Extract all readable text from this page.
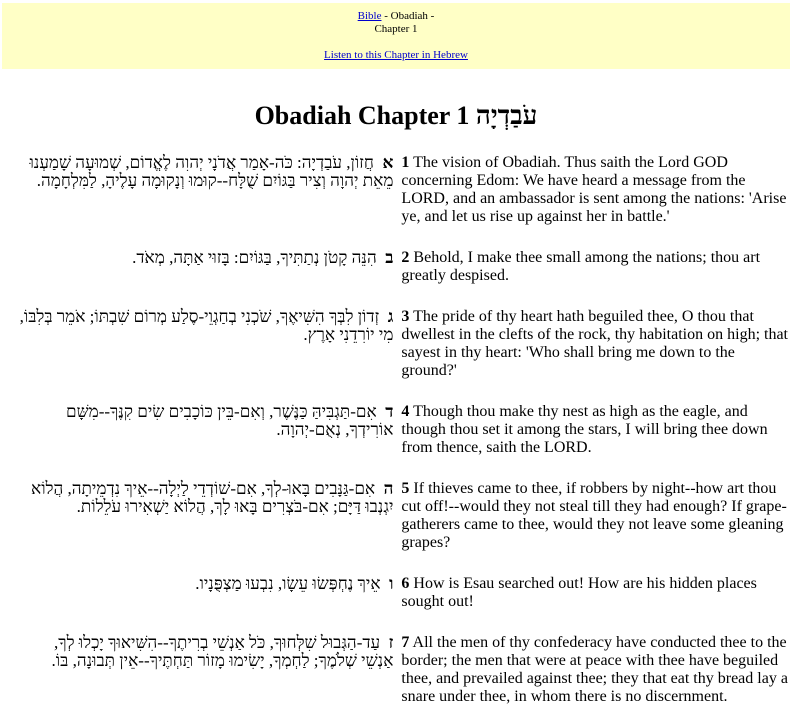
Bible - Obadiah -
Chapter 1
Listen to this Chapter in Hebrew
Obadiah Chapter 1 עֹבַדְיָה
א  חֲזוֹן, עֹבַדְיָה: כֹּה-אָמַר אֲדֹנָי יְהוִה לֶאֱדוֹם, שְׁמוּעָה שָׁמַעְנוּ מֵאֵת יְהוָה וְצִיר בַּגּוֹיִם שֻׁלָּח--קוּמוּ וְנָקוּמָה עָלֶיהָ, לַמִּלְחָמָה.	1 The vision of Obadiah. Thus saith the Lord GOD concerning Edom: We have heard a message from the LORD, and an ambassador is sent among the nations: 'Arise ye, and let us rise up against her in battle.'
ב  הִנֵּה קָטֹן נְתַתִּיךָ, בַּגּוֹיִם: בָּזוּי אַתָּה, מְאֹד.	2 Behold, I make thee small among the nations; thou art greatly despised.
ג  זְדוֹן לִבְּךָ הִשִּׁיאֶךָ, שֹׁכְנִי בְחַגְוֵי-סֶלַע מְרוֹם שִׁבְתּוֹ; אֹמֵר בְּלִבּוֹ, מִי יוֹרִדֵנִי אָרֶץ.	3 The pride of thy heart hath beguiled thee, O thou that dwellest in the clefts of the rock, thy habitation on high; that sayest in thy heart: 'Who shall bring me down to the ground?'
ד  אִם-תַּגְבִּיהַּ כַּנֶּשֶׁר, וְאִם-בֵּין כּוֹכָבִים שִׂים קִנֶּךָ--מִשָּׁם אוֹרִידְךָ, נְאֻם-יְהוָה.	4 Though thou make thy nest as high as the eagle, and though thou set it among the stars, I will bring thee down from thence, saith the LORD.
ה  אִם-גַּנָּבִים בָּאוּ-לְךָ, אִם-שׁוֹדְדֵי לַיְלָה--אֵיךְ נִדְמֵיתָה, הֲלוֹא יִגְנְבוּ דַּיָּם; אִם-בֹּצְרִים בָּאוּ לָךְ, הֲלוֹא יַשְׁאִירוּ עֹלֵלוֹת.	5 If thieves came to thee, if robbers by night--how art thou cut off!--would they not steal till they had enough? If grape-gatherers came to thee, would they not leave some gleaning grapes?
ו  אֵיךְ נֶחְפְּשׂוּ עֵשָׂו, נִבְעוּ מַצְפֻּנָיו.	6 How is Esau searched out! How are his hidden places sought out!
ז  עַד-הַגְּבוּל שִׁלְּחוּךָ, כֹּל אַנְשֵׁי בְרִיתֶךָ--הִשִּׁיאוּךָ יָכְלוּ לְךָ, אַנְשֵׁי שְׁלֹמֶךָ; לַחְמְךָ, יָשִׂימוּ מָזוֹר תַּחְתֶּיךָ--אֵין תְּבוּנָה, בּוֹ.	7 All the men of thy confederacy have conducted thee to the border; the men that were at peace with thee have beguiled thee, and prevailed against thee; they that eat thy bread lay a snare under thee, in whom there is no discernment.
